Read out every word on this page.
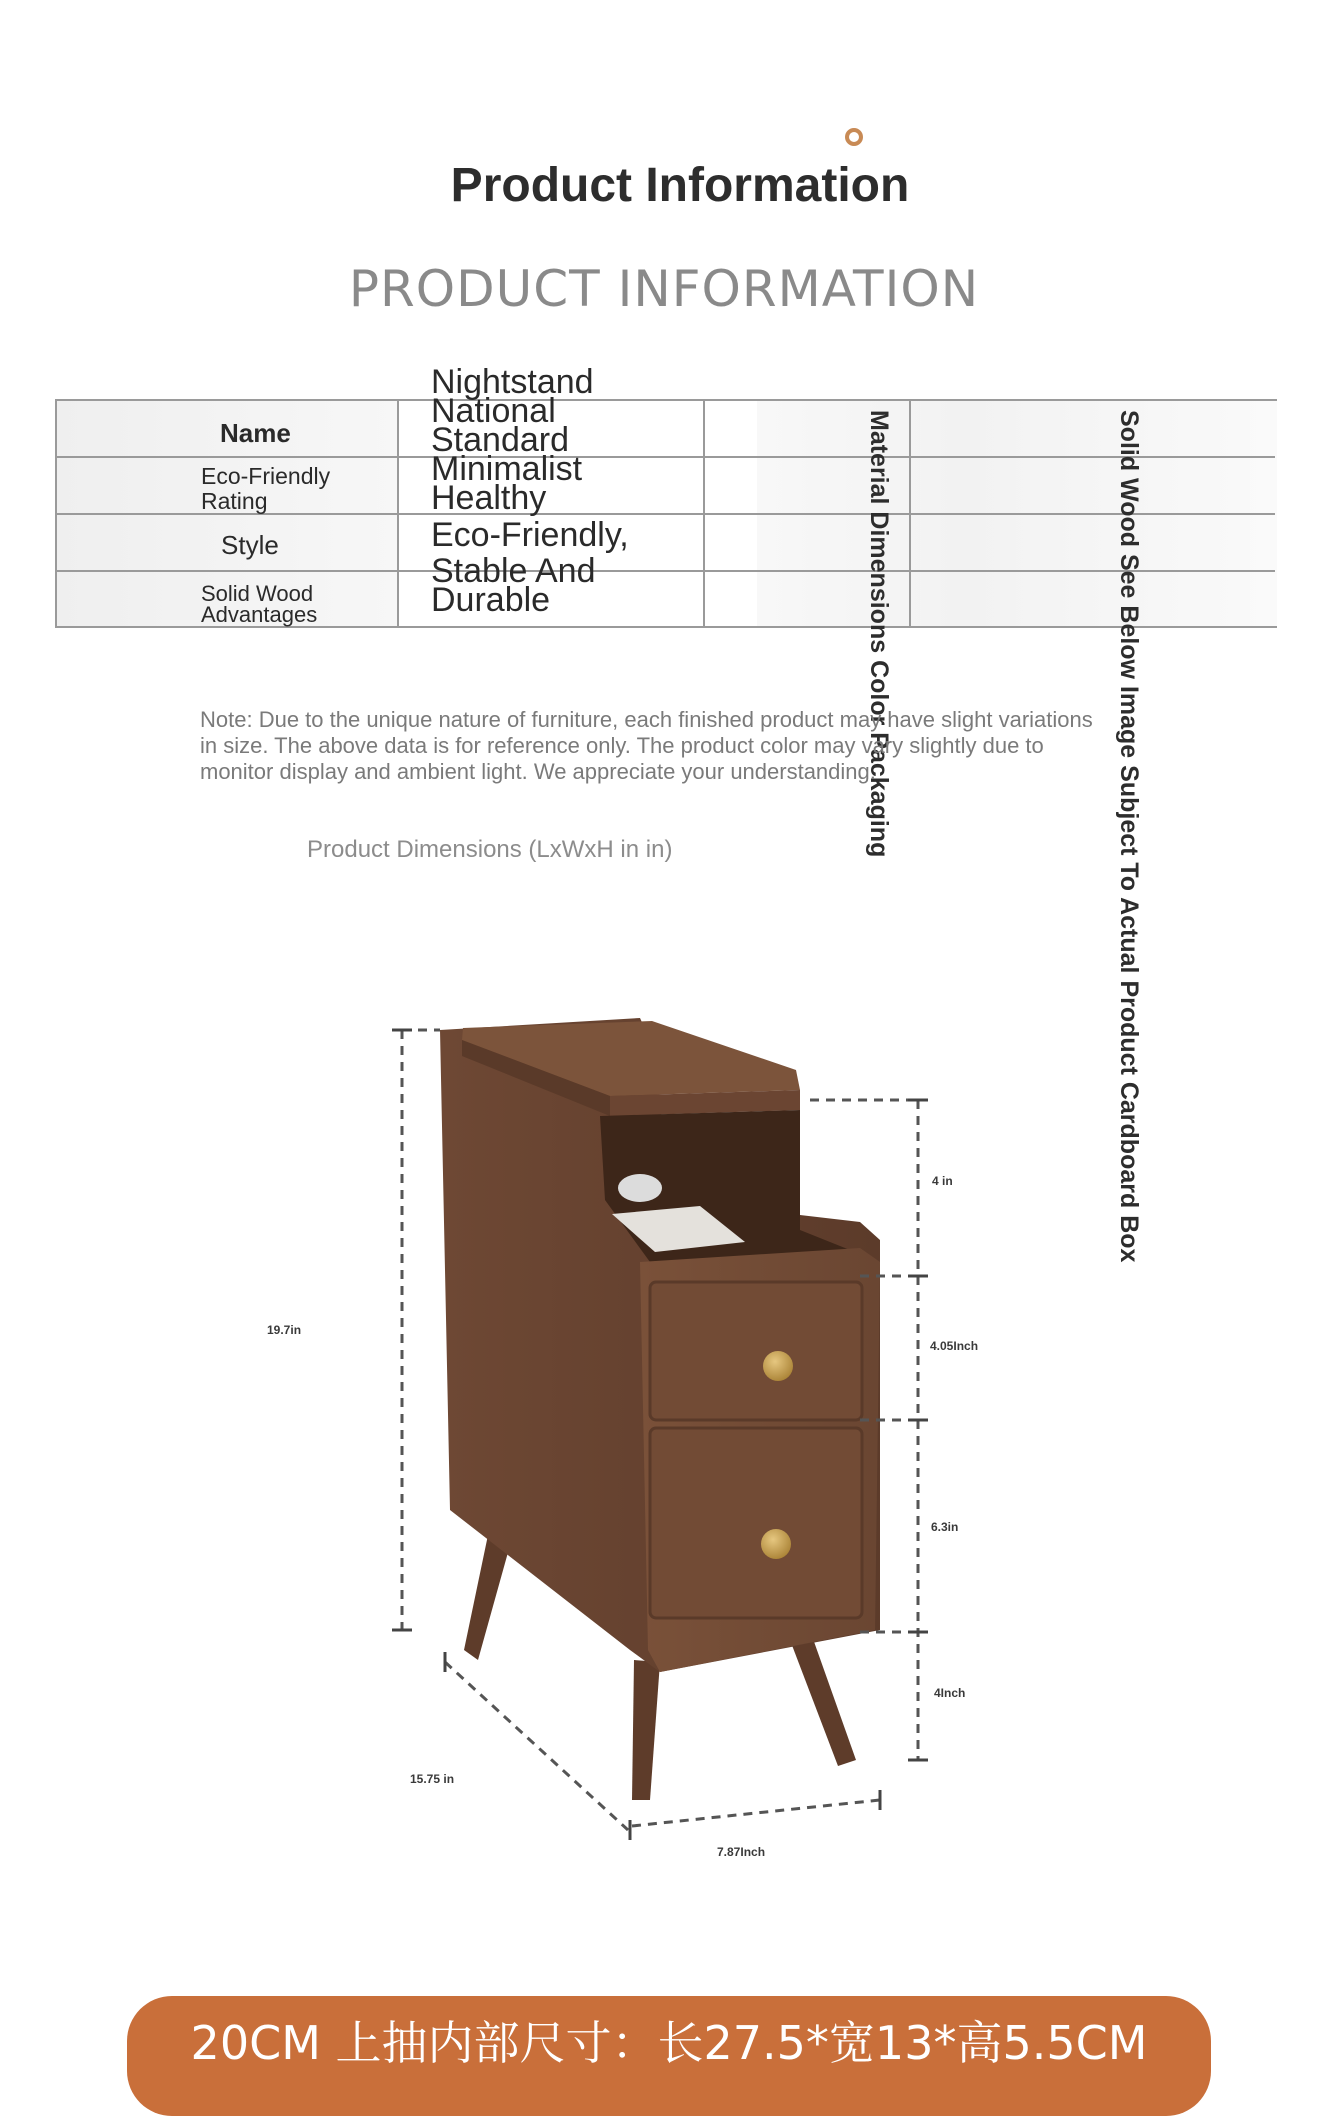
Product Information
PRODUCT INFORMATION
Name
Eco-Friendly Rating
Style
Solid Wood Advantages
Nightstand
National
Standard
Minimalist
Healthy
Eco-Friendly,
Stable And
Durable	Material Dimensions Color Packaging	Solid Wood See Below Image Subject To Actual Product Cardboard Box
Note: Due to the unique nature of furniture, each finished product may have slight variations in size. The above data is for reference only. The product color may vary slightly due to monitor display and ambient light. We appreciate your understanding.
Product Dimensions (LxWxH in in)
19.7in
4 in
4.05Inch
6.3in
4Inch
15.75 in
7.87Inch
20CM 上抽内部尺寸：长27.5*宽13*高5.5CM
